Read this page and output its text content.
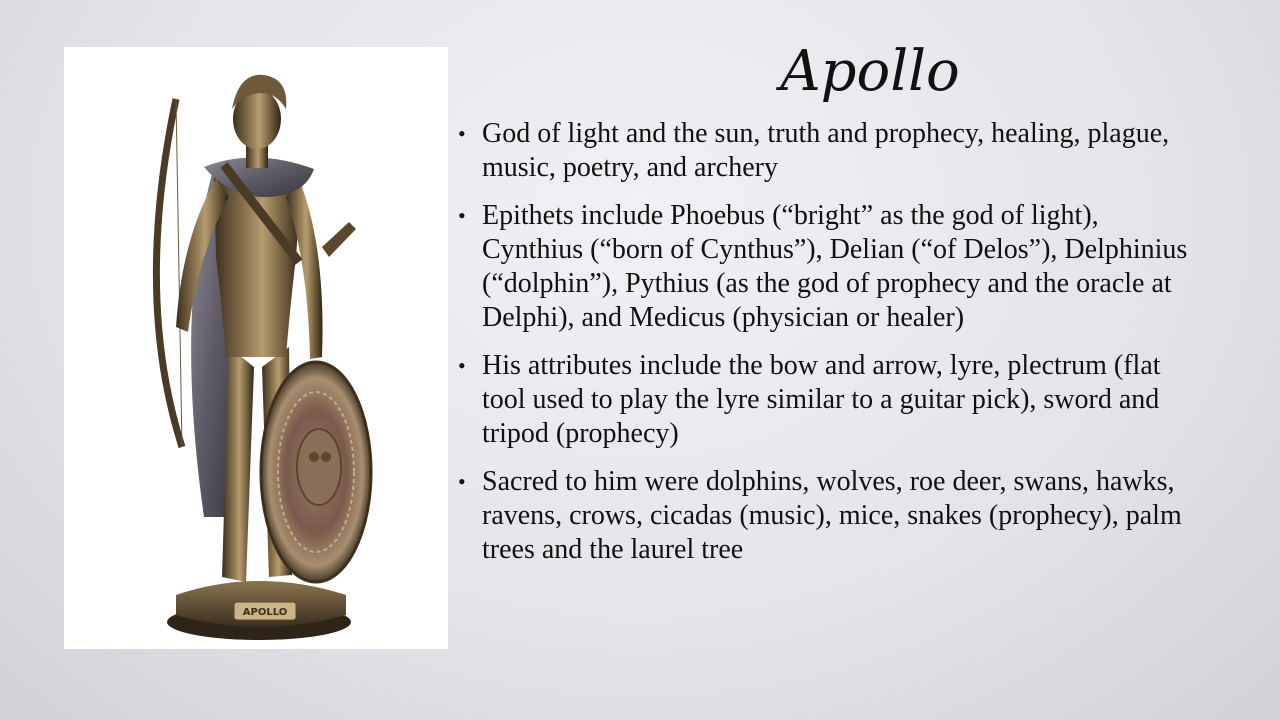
APOLLO
Apollo
• God of light and the sun, truth and prophecy, healing, plague, music, poetry, and archery
• Epithets include Phoebus (“bright” as the god of light), Cynthius (“born of Cynthus”), Delian (“of Delos”), Delphinius (“dolphin”), Pythius (as the god of prophecy and the oracle at Delphi), and Medicus (physician or healer)
• His attributes include the bow and arrow, lyre, plectrum (flat tool used to play the lyre similar to a guitar pick), sword and tripod (prophecy)
• Sacred to him were dolphins, wolves, roe deer, swans, hawks, ravens, crows, cicadas (music), mice, snakes (prophecy), palm trees and the laurel tree
